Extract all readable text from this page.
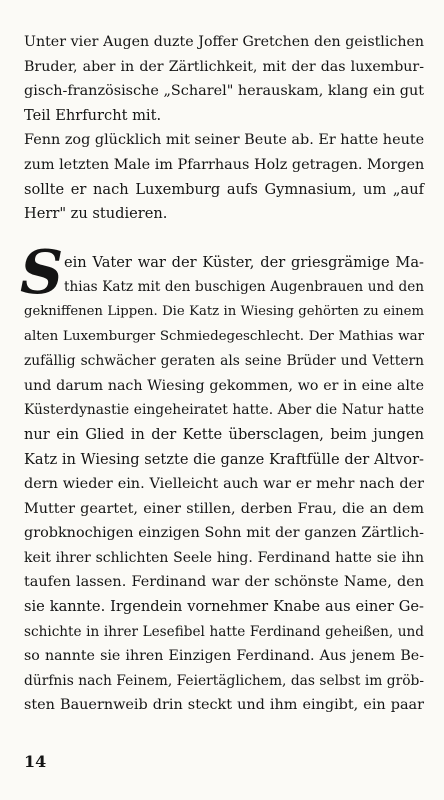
Unter vier Augen duzte Joffer Gretchen den geistlichen
Bruder, aber in der Zärtlichkeit, mit der das luxembur-
gisch-französische „Scharel" herauskam, klang ein gut
Teil Ehrfurcht mit.
Fenn zog glücklich mit seiner Beute ab. Er hatte heute
zum letzten Male im Pfarrhaus Holz getragen. Morgen
sollte er nach Luxemburg aufs Gymnasium, um „auf
Herr" zu studieren.
S ein Vater war der Küster, der griesgrämige Ma-
thias Katz mit den buschigen Augenbrauen und den
gekniffenen Lippen. Die Katz in Wiesing gehörten zu einem
alten Luxemburger Schmiedegeschlecht. Der Mathias war
zufällig schwächer geraten als seine Brüder und Vettern
und darum nach Wiesing gekommen, wo er in eine alte
Küsterdynastie eingeheiratet hatte. Aber die Natur hatte
nur ein Glied in der Kette übersclagen, beim jungen
Katz in Wiesing setzte die ganze Kraftfülle der Altvor-
dern wieder ein. Vielleicht auch war er mehr nach der
Mutter geartet, einer stillen, derben Frau, die an dem
grobknochigen einzigen Sohn mit der ganzen Zärtlich-
keit ihrer schlichten Seele hing. Ferdinand hatte sie ihn
taufen lassen. Ferdinand war der schönste Name, den
sie kannte. Irgendein vornehmer Knabe aus einer Ge-
schichte in ihrer Lesefibel hatte Ferdinand geheißen, und
so nannte sie ihren Einzigen Ferdinand. Aus jenem Be-
dürfnis nach Feinem, Feiertäglichem, das selbst im gröb-
sten Bauernweib drin steckt und ihm eingibt, ein paar
14
